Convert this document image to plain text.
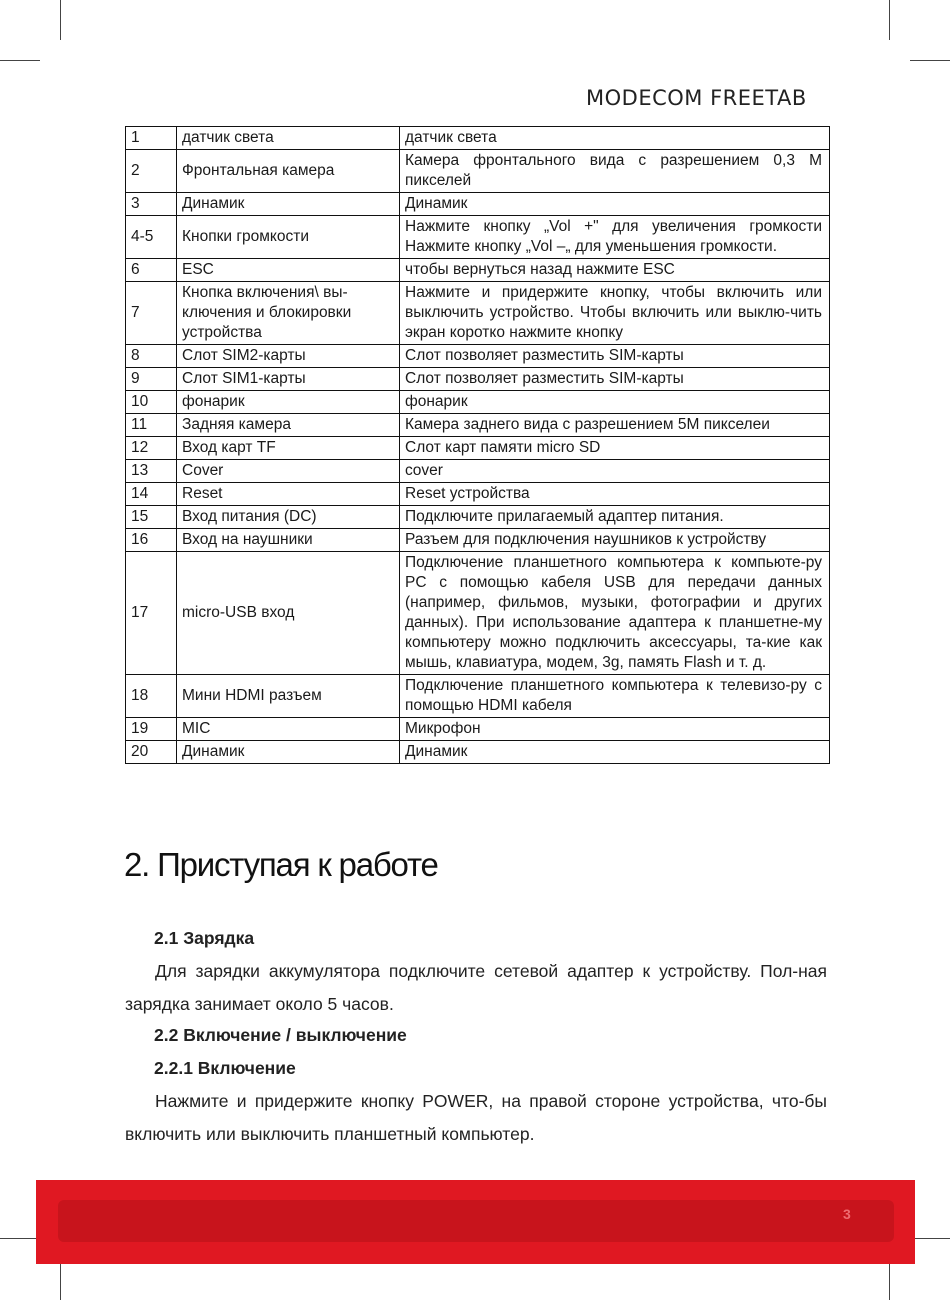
MODECOM FREETAB
1	датчик света	датчик света
2	Фронтальная камера	Камера фронтального вида с разрешением 0,3 M пикселей
3	Динамик	Динамик
4-5	Кнопки громкости	Нажмите кнопку „Vol +" для увеличения громкости Нажмите кнопку „Vol –„ для уменьшения громкости.
6	ESC	чтобы вернуться назад нажмите ESC
7	Кнопка включения\ вы-ключения и блокировки устройства	Нажмите и придержите кнопку, чтобы включить или выключить устройство. Чтобы включить или выклю-чить экран коротко нажмите кнопку
8	Слот SIM2-карты	Слот позволяет разместить SIM-карты
9	Слот SIM1-карты	Слот позволяет разместить SIM-карты
10	фонарик	фонарик
11	Задняя камера	Камера заднего вида с разрешением 5M пикселеи
12	Вход карт TF	Слот карт памяти micro SD
13	Cover	cover
14	Reset	Reset устройства
15	Вход питания (DC)	Подключите прилагаемый адаптер питания.
16	Вход на наушники	Разъем для подключения наушников к устройству
17	micro-USB вход	Подключение планшетного компьютера к компьюте-ру PC с помощью кабеля USB для передачи данных (например, фильмов, музыки, фотографии и других данных). При использование адаптера к планшетне-му компьютеру можно подключить аксессуары, та-кие как мышь, клавиатура, модем, 3g, память Flash и т. д.
18	Мини HDMI разъем	Подключение планшетного компьютера к телевизо-ру с помощью HDMI кабеля
19	MIC	Микрофон
20	Динамик	Динамик
2. Приступая к работе
2.1 Зарядка
Для зарядки аккумулятора подключите сетевой адаптер к устройству. Пол-ная зарядка занимает около 5 часов.
2.2 Включение / выключение
2.2.1 Включение
Нажмите и придержите кнопку POWER, на правой стороне устройства, что-бы включить или выключить планшетный компьютер.
3
